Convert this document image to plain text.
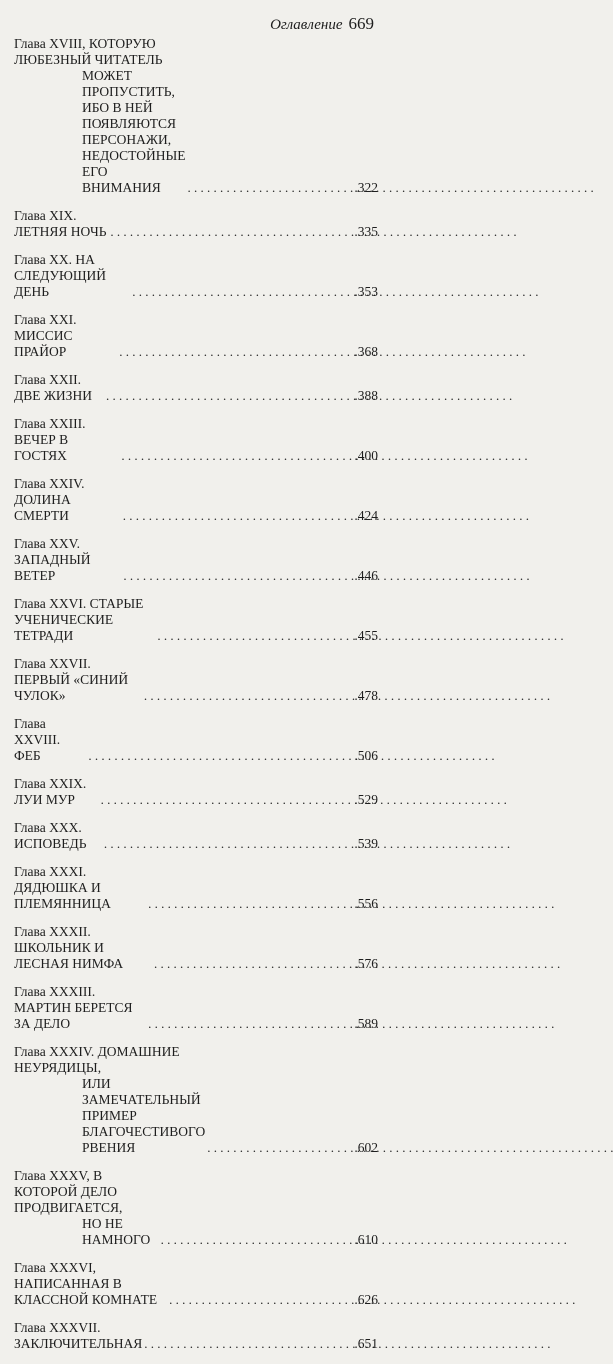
Оглавление 669
Глава XVIII, КОТОРУЮ ЛЮБЕЗНЫЙ ЧИТАТЕЛЬ
МОЖЕТ ПРОПУСТИТЬ,
ИБО В НЕЙ ПОЯВЛЯЮТСЯ ПЕРСОНАЖИ,
НЕДОСТОЙНЫЕ ЕГО ВНИМАНИЯ . . .	.322
Глава XIX. ЛЕТНЯЯ НОЧЬ . . .	.335
Глава XX. НА СЛЕДУЮЩИЙ ДЕНЬ . . .	.353
Глава XXI. МИССИС ПРАЙОР . . .	.368
Глава XXII. ДВЕ ЖИЗНИ . . .	.388
Глава XXIII. ВЕЧЕР В ГОСТЯХ . . .	.400
Глава XXIV. ДОЛИНА СМЕРТИ . . .	.424
Глава XXV. ЗАПАДНЫЙ ВЕТЕР . . .	.446
Глава XXVI. СТАРЫЕ УЧЕНИЧЕСКИЕ ТЕТРАДИ . . .	.455
Глава XXVII. ПЕРВЫЙ «СИНИЙ ЧУЛОК» . . .	.478
Глава XXVIII. ФЕБ . . .	.506
Глава XXIX. ЛУИ МУР . . .	.529
Глава XXX. ИСПОВЕДЬ . . .	.539
Глава XXXI. ДЯДЮШКА И ПЛЕМЯННИЦА . . .	.556
Глава XXXII. ШКОЛЬНИК И ЛЕСНАЯ НИМФА . . .	.576
Глава XXXIII. МАРТИН БЕРЕТСЯ ЗА ДЕЛО . . .	.589
Глава XXXIV. ДОМАШНИЕ НЕУРЯДИЦЫ,
ИЛИ ЗАМЕЧАТЕЛЬНЫЙ ПРИМЕР
БЛАГОЧЕСТИВОГО РВЕНИЯ . . .	.602
Глава XXXV, В КОТОРОЙ ДЕЛО ПРОДВИГАЕТСЯ,
НО НЕ НАМНОГО . . .	.610
Глава XXXVI, НАПИСАННАЯ В КЛАССНОЙ КОМНАТЕ . . .	.626
Глава XXXVII. ЗАКЛЮЧИТЕЛЬНАЯ . . .	.651
